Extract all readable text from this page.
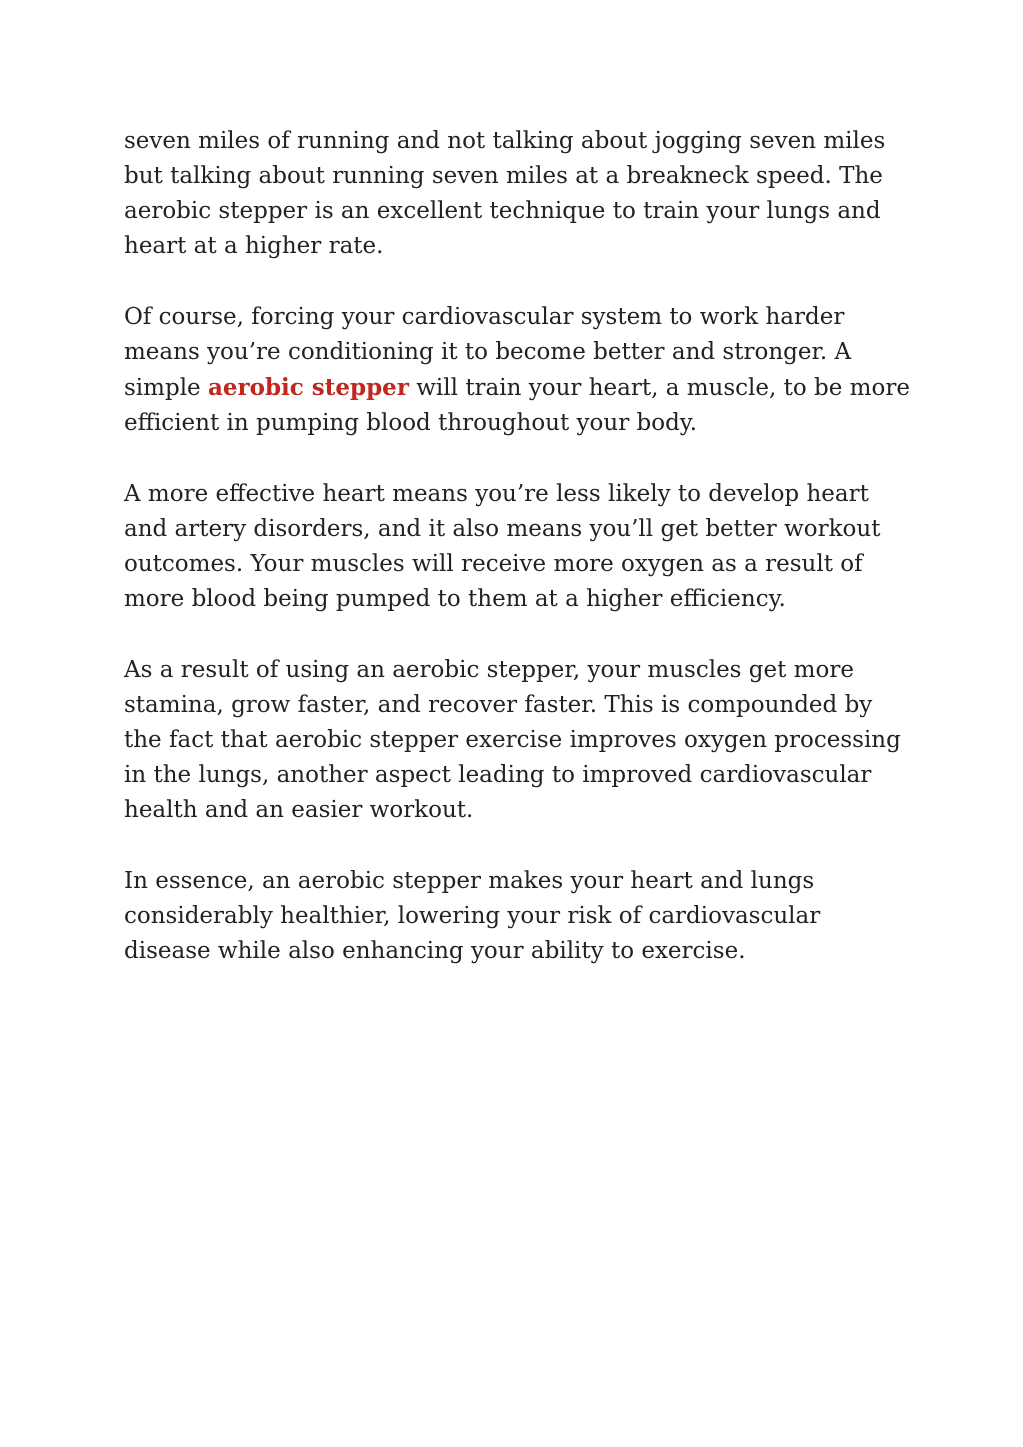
seven miles of running and not talking about jogging seven miles but talking about running seven miles at a breakneck speed. The aerobic stepper is an excellent technique to train your lungs and heart at a higher rate.

Of course, forcing your cardiovascular system to work harder means you’re conditioning it to become better and stronger. A simple aerobic stepper will train your heart, a muscle, to be more efficient in pumping blood throughout your body.

A more effective heart means you’re less likely to develop heart and artery disorders, and it also means you’ll get better workout outcomes. Your muscles will receive more oxygen as a result of more blood being pumped to them at a higher efficiency.

As a result of using an aerobic stepper, your muscles get more stamina, grow faster, and recover faster. This is compounded by the fact that aerobic stepper exercise improves oxygen processing in the lungs, another aspect leading to improved cardiovascular health and an easier workout.

In essence, an aerobic stepper makes your heart and lungs considerably healthier, lowering your risk of cardiovascular disease while also enhancing your ability to exercise.
